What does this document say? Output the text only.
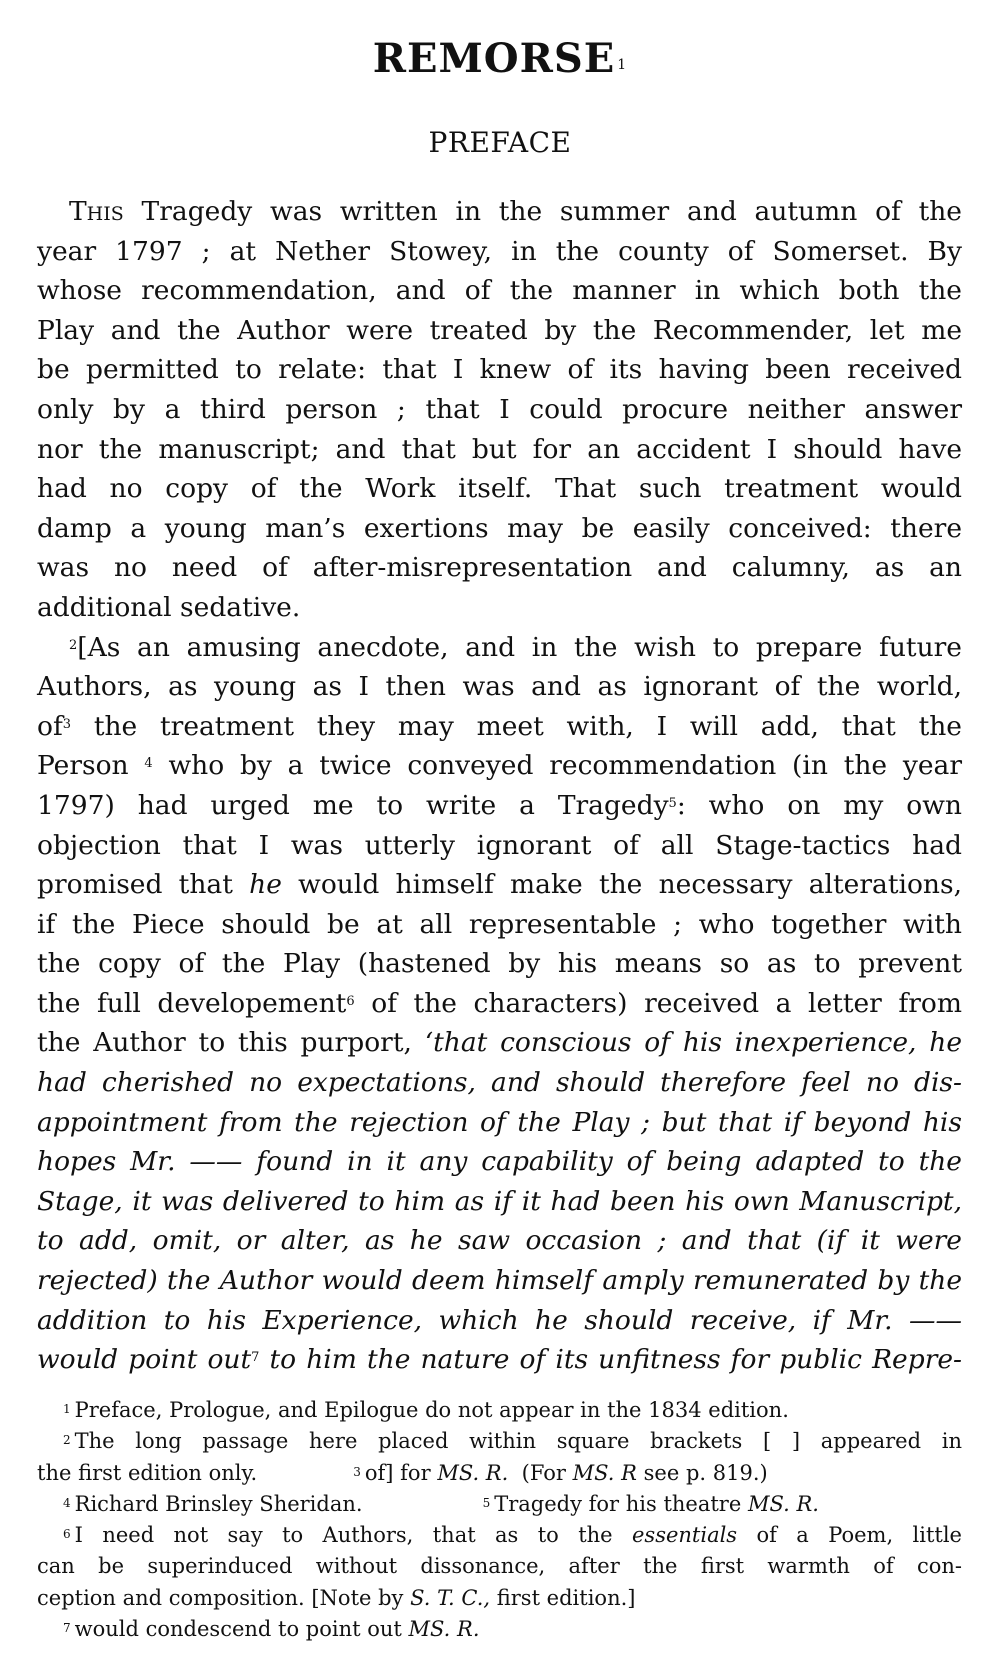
REMORSE $^1$
PREFACE
This Tragedy was written in the summer and autumn of the
year 1797 ; at Nether Stowey, in the county of Somerset. By
whose recommendation, and of the manner in which both the
Play and the Author were treated by the Recommender, let me
be permitted to relate: that I knew of its having been received
only by a third person ; that I could procure neither answer
nor the manuscript; and that but for an accident I should have
had no copy of the Work itself. That such treatment would
damp a young man’s exertions may be easily conceived: there
was no need of after-misrepresentation and calumny, as an
additional sedative.
$^2$[As an amusing anecdote, and in the wish to prepare future
Authors, as young as I then was and as ignorant of the world,
of$^3$ the treatment they may meet with, I will add, that the
Person $^4$ who by a twice conveyed recommendation (in the year
1797) had urged me to write a Tragedy$^5$: who on my own
objection that I was utterly ignorant of all Stage-tactics had
promised that he would himself make the necessary alterations,
if the Piece should be at all representable ; who together with
the copy of the Play (hastened by his means so as to prevent
the full developement$^6$ of the characters) received a letter from
the Author to this purport, ‘that conscious of his inexperience, he
had cherished no expectations, and should therefore feel no dis-
appointment from the rejection of the Play ; but that if beyond his
hopes Mr. —— found in it any capability of being adapted to the
Stage, it was delivered to him as if it had been his own Manuscript,
to add, omit, or alter, as he saw occasion ; and that (if it were
rejected) the Author would deem himself amply remunerated by the
addition to his Experience, which he should receive, if Mr. ——
would point out$^7$ to him the nature of its unfitness for public Repre-
$^1$ Preface, Prologue, and Epilogue do not appear in the 1834 edition.
$^2$ The long passage here placed within square brackets [ ] appeared in
the first edition only.	$^3$ of] for MS. R. (For MS. R see p. 819.)
$^4$ Richard Brinsley Sheridan.	$^5$ Tragedy for his theatre MS. R.
$^6$ I need not say to Authors, that as to the essentials of a Poem, little
can be superinduced without dissonance, after the first warmth of con-
ception and composition. [Note by S. T. C., first edition.]
$^7$ would condescend to point out MS. R.
